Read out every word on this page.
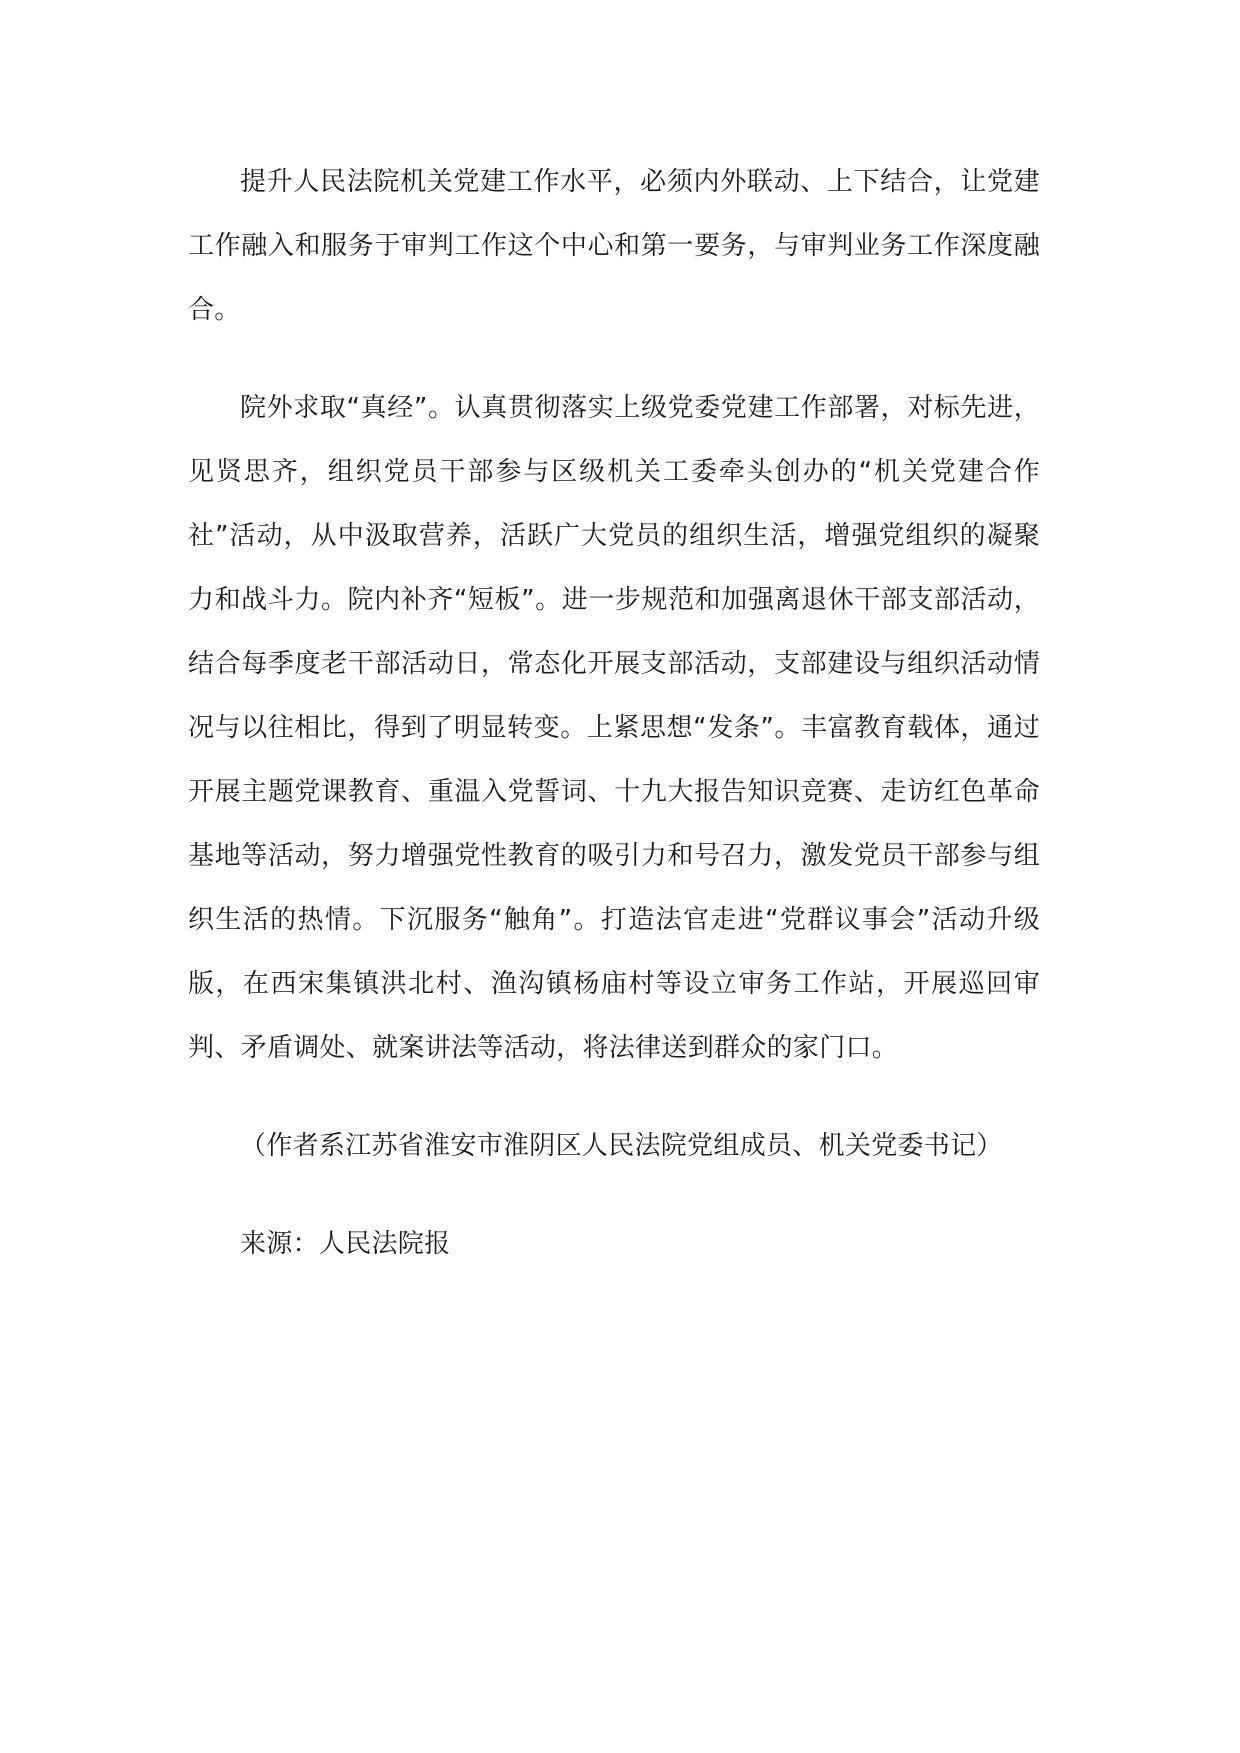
提升人民法院机关党建工作水平，必须内外联动、上下结合，让党建工作融入和服务于审判工作这个中心和第一要务，与审判业务工作深度融合。

院外求取“真经”。认真贯彻落实上级党委党建工作部署，对标先进，见贤思齐，组织党员干部参与区级机关工委牵头创办的“机关党建合作社”活动，从中汲取营养，活跃广大党员的组织生活，增强党组织的凝聚力和战斗力。院内补齐“短板”。进一步规范和加强离退休干部支部活动，结合每季度老干部活动日，常态化开展支部活动，支部建设与组织活动情况与以往相比，得到了明显转变。上紧思想“发条”。丰富教育载体，通过开展主题党课教育、重温入党誓词、十九大报告知识竞赛、走访红色革命基地等活动，努力增强党性教育的吸引力和号召力，激发党员干部参与组织生活的热情。下沉服务“触角”。打造法官走进“党群议事会”活动升级版，在西宋集镇洪北村、渔沟镇杨庙村等设立审务工作站，开展巡回审判、矛盾调处、就案讲法等活动，将法律送到群众的家门口。

（作者系江苏省淮安市淮阴区人民法院党组成员、机关党委书记）

来源：人民法院报
